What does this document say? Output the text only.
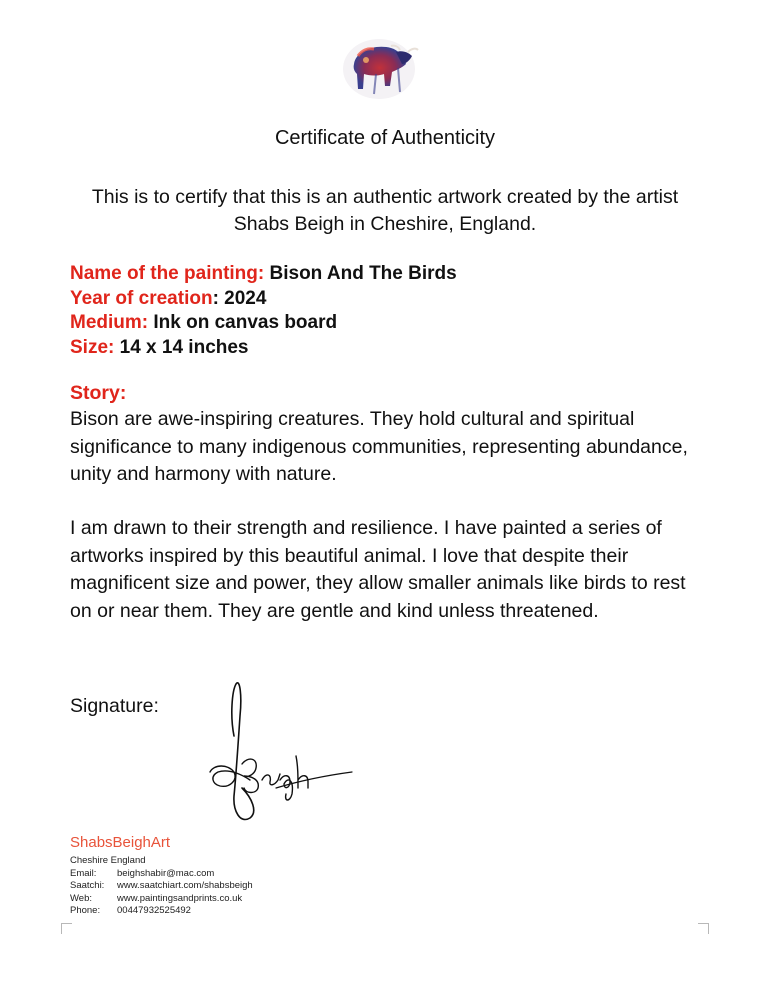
Certificate of Authenticity
This is to certify that this is an authentic artwork created by the artist
Shabs Beigh in Cheshire, England.
Name of the painting: Bison And The Birds
Year of creation: 2024
Medium: Ink on canvas board
Size: 14 x 14 inches
Story:

Bison are awe-inspiring creatures. They hold cultural and spiritual significance to many indigenous communities, representing abundance, unity and harmony with nature.

I am drawn to their strength and resilience. I have painted a series of artworks inspired by this beautiful animal. I love that despite their magnificent size and power, they allow smaller animals like birds to rest on or near them. They are gentle and kind unless threatened.

Signature:
ShabsBeighArt
Cheshire England
Email: beighshabir@mac.com
Saatchi: www.saatchiart.com/shabsbeigh
Web:	www.paintingsandprints.co.uk
Phone: 00447932525492
